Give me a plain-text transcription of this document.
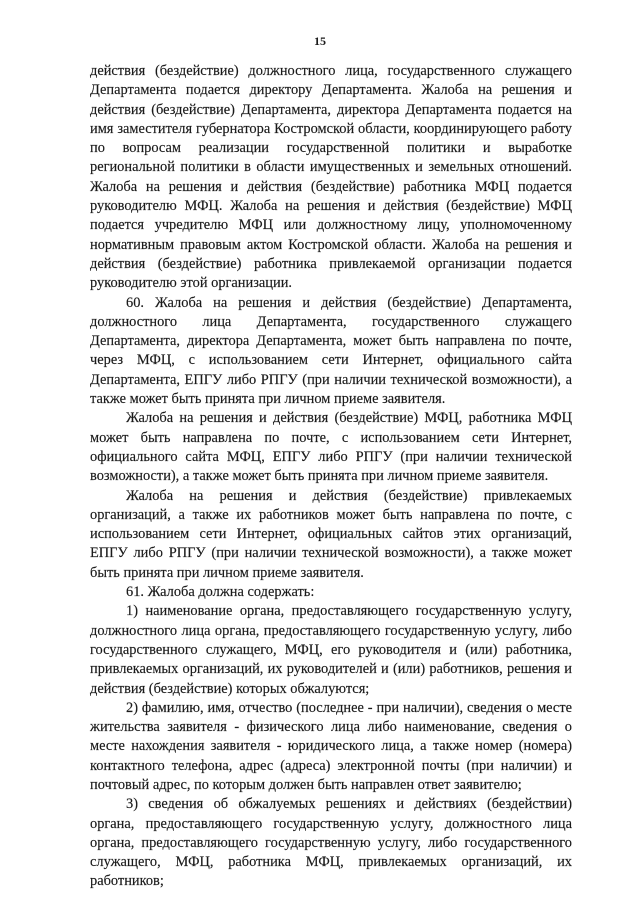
15

действия (бездействие) должностного лица, государственного служащего Департамента подается директору Департамента. Жалоба на решения и действия (бездействие) Департамента, директора Департамента подается на имя заместителя губернатора Костромской области, координирующего работу по вопросам реализации государственной политики и выработке региональной политики в области имущественных и земельных отношений. Жалоба на решения и действия (бездействие) работника МФЦ подается руководителю МФЦ. Жалоба на решения и действия (бездействие) МФЦ подается учредителю МФЦ или должностному лицу, уполномоченному нормативным правовым актом Костромской области. Жалоба на решения и действия (бездействие) работника привлекаемой организации подается руководителю этой организации.

60. Жалоба на решения и действия (бездействие) Департамента, должностного лица Департамента, государственного служащего Департамента, директора Департамента, может быть направлена по почте, через МФЦ, с использованием сети Интернет, официального сайта Департамента, ЕПГУ либо РПГУ (при наличии технической возможности), а также может быть принята при личном приеме заявителя.

Жалоба на решения и действия (бездействие) МФЦ, работника МФЦ может быть направлена по почте, с использованием сети Интернет, официального сайта МФЦ, ЕПГУ либо РПГУ (при наличии технической возможности), а также может быть принята при личном приеме заявителя.

Жалоба на решения и действия (бездействие) привлекаемых организаций, а также их работников может быть направлена по почте, с использованием сети Интернет, официальных сайтов этих организаций, ЕПГУ либо РПГУ (при наличии технической возможности), а также может быть принята при личном приеме заявителя.

61. Жалоба должна содержать:

1) наименование органа, предоставляющего государственную услугу, должностного лица органа, предоставляющего государственную услугу, либо государственного служащего, МФЦ, его руководителя и (или) работника, привлекаемых организаций, их руководителей и (или) работников, решения и действия (бездействие) которых обжалуются;

2) фамилию, имя, отчество (последнее - при наличии), сведения о месте жительства заявителя - физического лица либо наименование, сведения о месте нахождения заявителя - юридического лица, а также номер (номера) контактного телефона, адрес (адреса) электронной почты (при наличии) и почтовый адрес, по которым должен быть направлен ответ заявителю;

3) сведения об обжалуемых решениях и действиях (бездействии) органа, предоставляющего государственную услугу, должностного лица органа, предоставляющего государственную услугу, либо государственного служащего, МФЦ, работника МФЦ, привлекаемых организаций, их работников;
